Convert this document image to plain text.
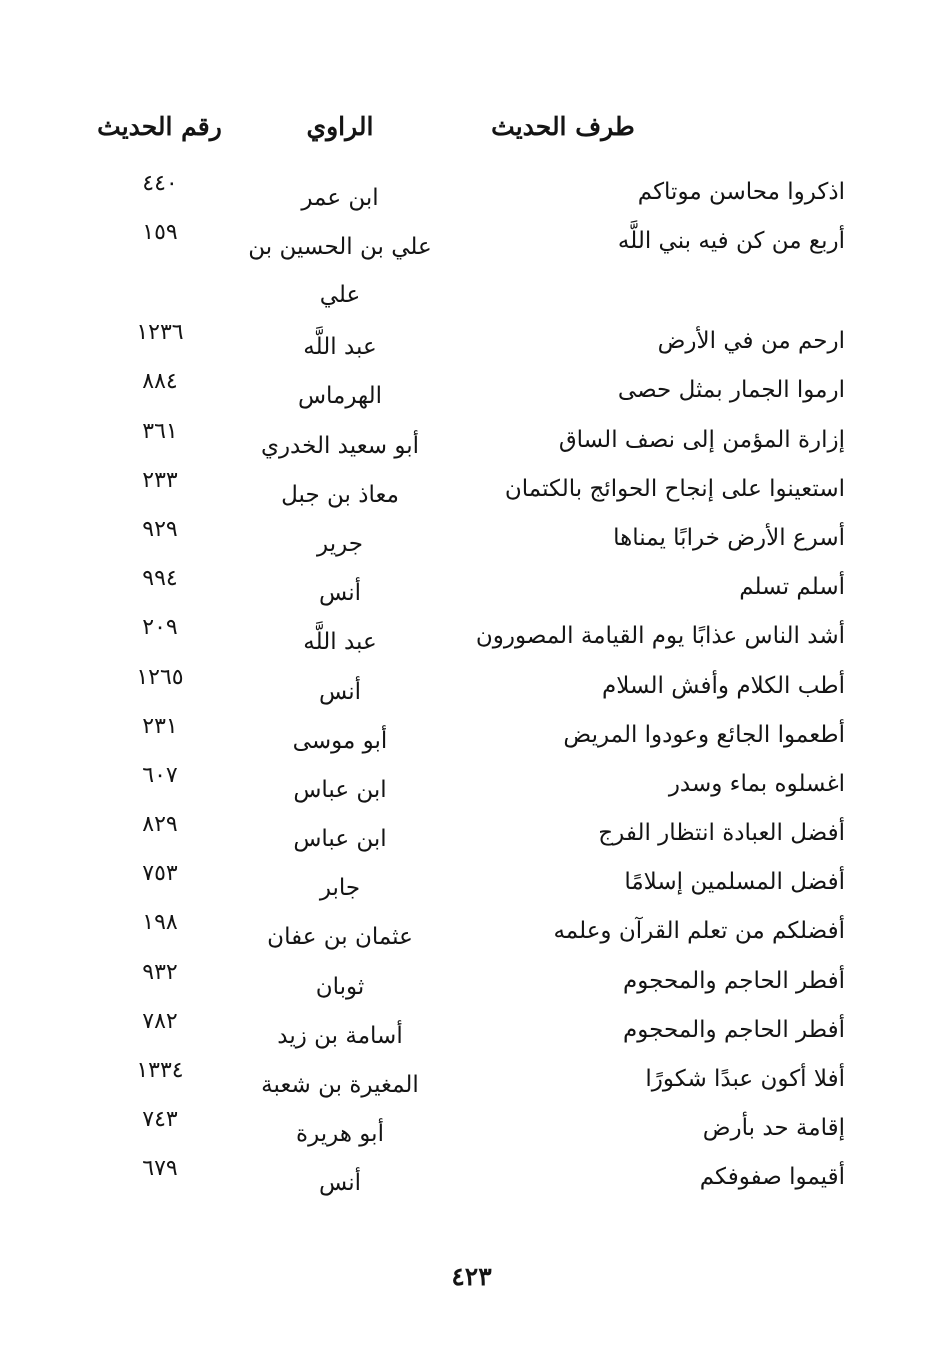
طرف الحديث
الراوي
رقم الحديث
اذكروا محاسن موتاكم
ابن عمر
٤٤٠
أربع من كن فيه بني اللَّه
علي بن الحسين بن علي
١٥٩
ارحم من في الأرض
عبد اللَّه
١٢٣٦
ارموا الجمار بمثل حصى
الهرماس
٨٨٤
إزارة المؤمن إلى نصف الساق
أبو سعيد الخدري
٣٦١
استعينوا على إنجاح الحوائج بالكتمان
معاذ بن جبل
٢٣٣
أسرع الأرض خرابًا يمناها
جرير
٩٢٩
أسلم تسلم
أنس
٩٩٤
أشد الناس عذابًا يوم القيامة المصورون
عبد اللَّه
٢٠٩
أطب الكلام وأفش السلام
أنس
١٢٦٥
أطعموا الجائع وعودوا المريض
أبو موسى
٢٣١
اغسلوه بماء وسدر
ابن عباس
٦٠٧
أفضل العبادة انتظار الفرج
ابن عباس
٨٢٩
أفضل المسلمين إسلامًا
جابر
٧٥٣
أفضلكم من تعلم القرآن وعلمه
عثمان بن عفان
١٩٨
أفطر الحاجم والمحجوم
ثوبان
٩٣٢
أفطر الحاجم والمحجوم
أسامة بن زيد
٧٨٢
أفلا أكون عبدًا شكورًا
المغيرة بن شعبة
١٣٣٤
إقامة حد بأرض
أبو هريرة
٧٤٣
أقيموا صفوفكم
أنس
٦٧٩
٤٢٣
